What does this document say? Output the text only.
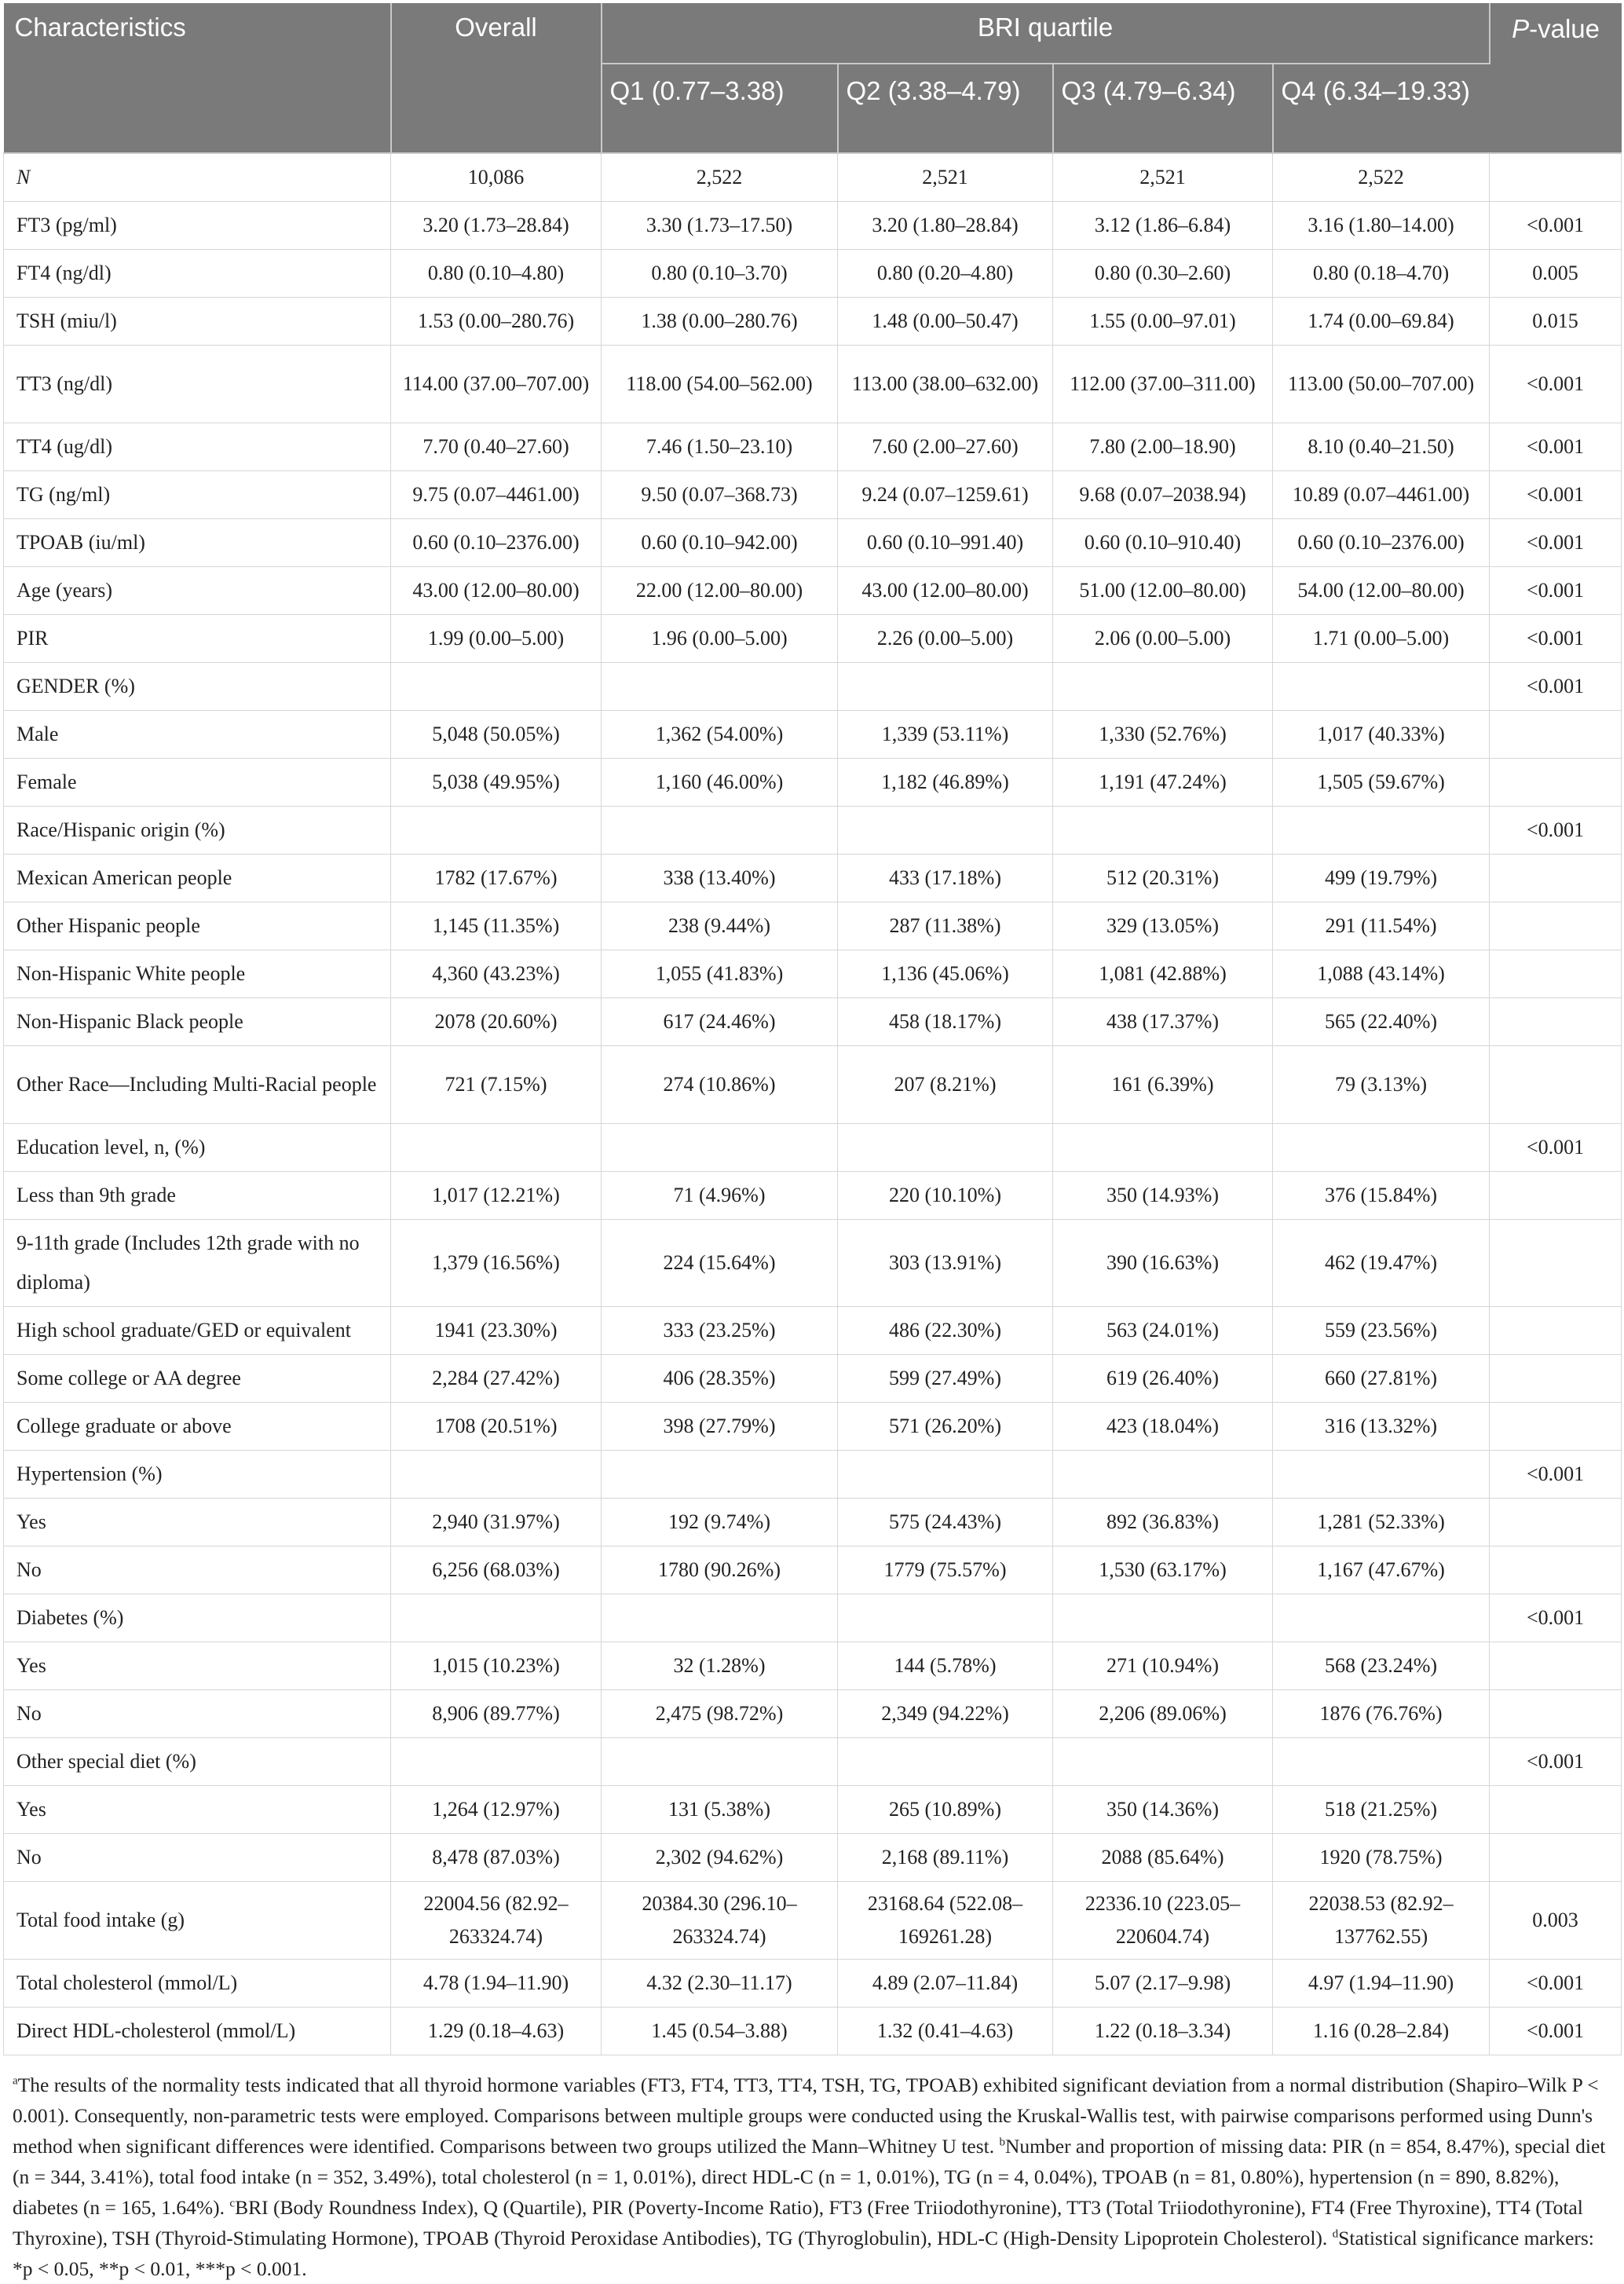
Characteristics	Overall	BRI quartile				P-value
		Q1 (0.77–3.38)	Q2 (3.38–4.79)	Q3 (4.79–6.34)	Q4 (6.34–19.33)	
N	10,086	2,522	2,521	2,521	2,522	
FT3 (pg/ml)	3.20 (1.73–28.84)	3.30 (1.73–17.50)	3.20 (1.80–28.84)	3.12 (1.86–6.84)	3.16 (1.80–14.00)	<0.001
FT4 (ng/dl)	0.80 (0.10–4.80)	0.80 (0.10–3.70)	0.80 (0.20–4.80)	0.80 (0.30–2.60)	0.80 (0.18–4.70)	0.005
TSH (miu/l)	1.53 (0.00–280.76)	1.38 (0.00–280.76)	1.48 (0.00–50.47)	1.55 (0.00–97.01)	1.74 (0.00–69.84)	0.015
TT3 (ng/dl)	114.00 (37.00–707.00)	118.00 (54.00–562.00)	113.00 (38.00–632.00)	112.00 (37.00–311.00)	113.00 (50.00–707.00)	<0.001
TT4 (ug/dl)	7.70 (0.40–27.60)	7.46 (1.50–23.10)	7.60 (2.00–27.60)	7.80 (2.00–18.90)	8.10 (0.40–21.50)	<0.001
TG (ng/ml)	9.75 (0.07–4461.00)	9.50 (0.07–368.73)	9.24 (0.07–1259.61)	9.68 (0.07–2038.94)	10.89 (0.07–4461.00)	<0.001
TPOAB (iu/ml)	0.60 (0.10–2376.00)	0.60 (0.10–942.00)	0.60 (0.10–991.40)	0.60 (0.10–910.40)	0.60 (0.10–2376.00)	<0.001
Age (years)	43.00 (12.00–80.00)	22.00 (12.00–80.00)	43.00 (12.00–80.00)	51.00 (12.00–80.00)	54.00 (12.00–80.00)	<0.001
PIR	1.99 (0.00–5.00)	1.96 (0.00–5.00)	2.26 (0.00–5.00)	2.06 (0.00–5.00)	1.71 (0.00–5.00)	<0.001
GENDER (%)						<0.001
Male	5,048 (50.05%)	1,362 (54.00%)	1,339 (53.11%)	1,330 (52.76%)	1,017 (40.33%)	
Female	5,038 (49.95%)	1,160 (46.00%)	1,182 (46.89%)	1,191 (47.24%)	1,505 (59.67%)	
Race/Hispanic origin (%)						<0.001
Mexican American people	1782 (17.67%)	338 (13.40%)	433 (17.18%)	512 (20.31%)	499 (19.79%)	
Other Hispanic people	1,145 (11.35%)	238 (9.44%)	287 (11.38%)	329 (13.05%)	291 (11.54%)	
Non-Hispanic White people	4,360 (43.23%)	1,055 (41.83%)	1,136 (45.06%)	1,081 (42.88%)	1,088 (43.14%)	
Non-Hispanic Black people	2078 (20.60%)	617 (24.46%)	458 (18.17%)	438 (17.37%)	565 (22.40%)	
Other Race—Including Multi-Racial people	721 (7.15%)	274 (10.86%)	207 (8.21%)	161 (6.39%)	79 (3.13%)	
Education level, n, (%)						<0.001
Less than 9th grade	1,017 (12.21%)	71 (4.96%)	220 (10.10%)	350 (14.93%)	376 (15.84%)	
9-11th grade (Includes 12th grade with no diploma)	1,379 (16.56%)	224 (15.64%)	303 (13.91%)	390 (16.63%)	462 (19.47%)	
High school graduate/GED or equivalent	1941 (23.30%)	333 (23.25%)	486 (22.30%)	563 (24.01%)	559 (23.56%)	
Some college or AA degree	2,284 (27.42%)	406 (28.35%)	599 (27.49%)	619 (26.40%)	660 (27.81%)	
College graduate or above	1708 (20.51%)	398 (27.79%)	571 (26.20%)	423 (18.04%)	316 (13.32%)	
Hypertension (%)						<0.001
Yes	2,940 (31.97%)	192 (9.74%)	575 (24.43%)	892 (36.83%)	1,281 (52.33%)	
No	6,256 (68.03%)	1780 (90.26%)	1779 (75.57%)	1,530 (63.17%)	1,167 (47.67%)	
Diabetes (%)						<0.001
Yes	1,015 (10.23%)	32 (1.28%)	144 (5.78%)	271 (10.94%)	568 (23.24%)	
No	8,906 (89.77%)	2,475 (98.72%)	2,349 (94.22%)	2,206 (89.06%)	1876 (76.76%)	
Other special diet (%)						<0.001
Yes	1,264 (12.97%)	131 (5.38%)	265 (10.89%)	350 (14.36%)	518 (21.25%)	
No	8,478 (87.03%)	2,302 (94.62%)	2,168 (89.11%)	2088 (85.64%)	1920 (78.75%)	
Total food intake (g)	22004.56 (82.92–263324.74)	20384.30 (296.10–263324.74)	23168.64 (522.08–169261.28)	22336.10 (223.05–220604.74)	22038.53 (82.92–137762.55)	0.003
Total cholesterol (mmol/L)	4.78 (1.94–11.90)	4.32 (2.30–11.17)	4.89 (2.07–11.84)	5.07 (2.17–9.98)	4.97 (1.94–11.90)	<0.001
Direct HDL-cholesterol (mmol/L)	1.29 (0.18–4.63)	1.45 (0.54–3.88)	1.32 (0.41–4.63)	1.22 (0.18–3.34)	1.16 (0.28–2.84)	<0.001
$^a$The results of the normality tests indicated that all thyroid hormone variables (FT3, FT4, TT3, TT4, TSH, TG, TPOAB) exhibited significant deviation from a normal distribution (Shapiro–Wilk P < 0.001). Consequently, non-parametric tests were employed. Comparisons between multiple groups were conducted using the Kruskal-Wallis test, with pairwise comparisons performed using Dunn's method when significant differences were identified. Comparisons between two groups utilized the Mann–Whitney U test. $^b$Number and proportion of missing data: PIR (n = 854, 8.47%), special diet (n = 344, 3.41%), total food intake (n = 352, 3.49%), total cholesterol (n = 1, 0.01%), direct HDL-C (n = 1, 0.01%), TG (n = 4, 0.04%), TPOAB (n = 81, 0.80%), hypertension (n = 890, 8.82%), diabetes (n = 165, 1.64%). $^c$BRI (Body Roundness Index), Q (Quartile), PIR (Poverty-Income Ratio), FT3 (Free Triiodothyronine), TT3 (Total Triiodothyronine), FT4 (Free Thyroxine), TT4 (Total Thyroxine), TSH (Thyroid-Stimulating Hormone), TPOAB (Thyroid Peroxidase Antibodies), TG (Thyroglobulin), HDL-C (High-Density Lipoprotein Cholesterol). $^d$Statistical significance markers: *p < 0.05, **p < 0.01, ***p < 0.001.
